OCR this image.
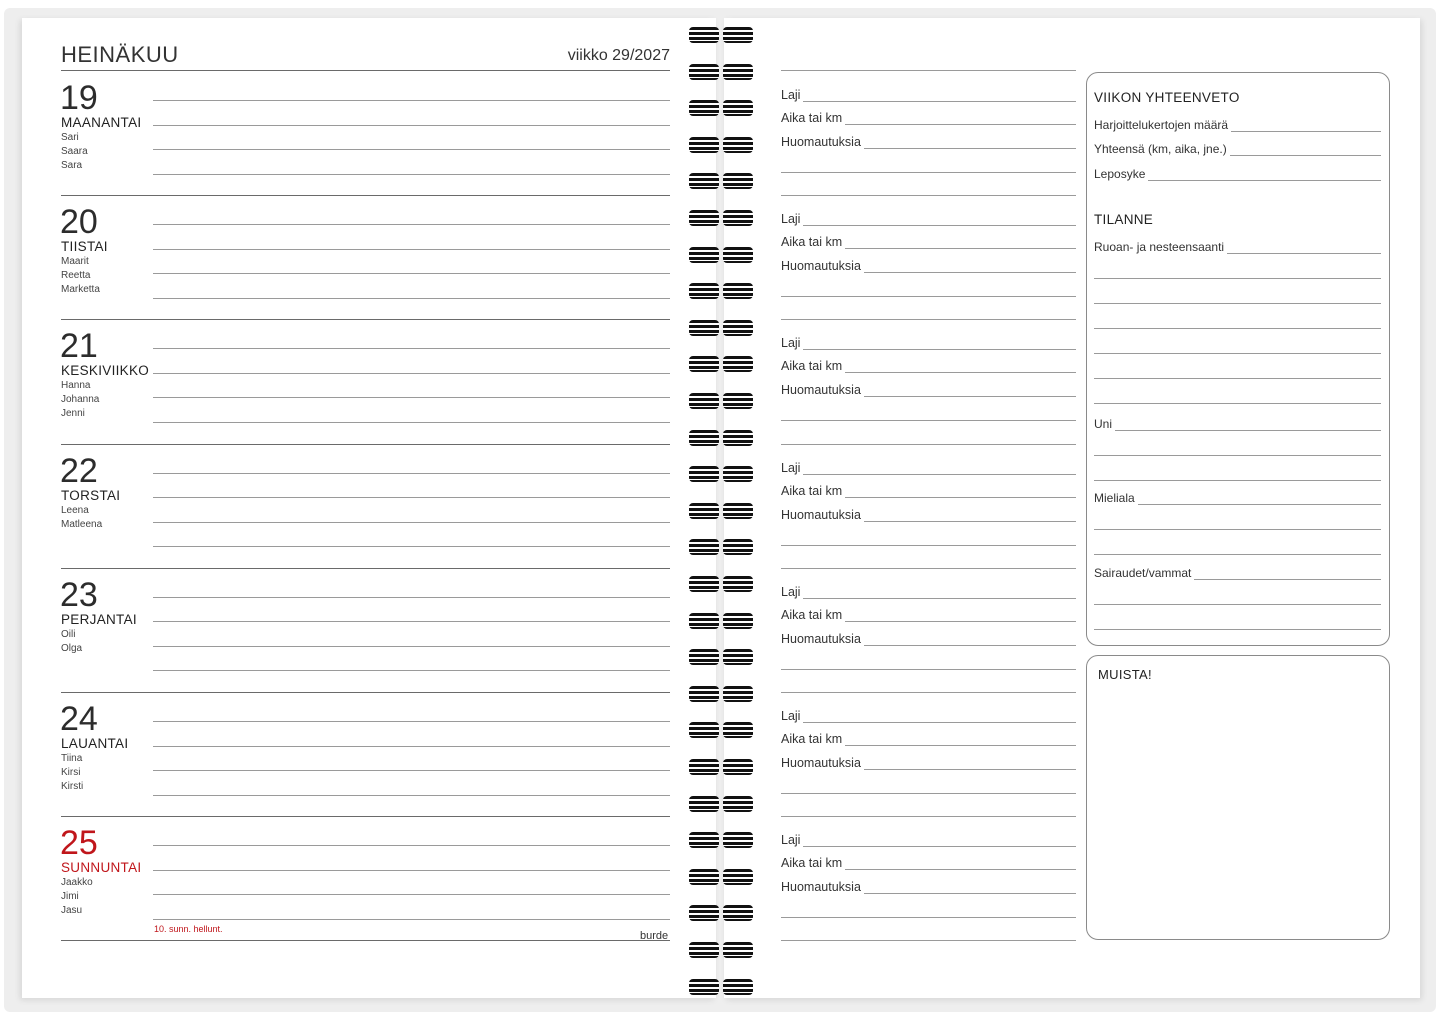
HEINÄKUU	viikko 29/2027
19
MAANANTAI
Sari
Saara
Sara
20
TIISTAI
Maarit
Reetta
Marketta
21
KESKIVIIKKO
Hanna
Johanna
Jenni
22
TORSTAI
Leena
Matleena
23
PERJANTAI
Oili
Olga
24
LAUANTAI
Tiina
Kirsi
Kirsti
25
SUNNUNTAI
Jaakko
Jimi
Jasu
10. sunn. hellunt.
burde
Laji
Aika tai km
Huomautuksia
Laji
Aika tai km
Huomautuksia
Laji
Aika tai km
Huomautuksia
Laji
Aika tai km
Huomautuksia
Laji
Aika tai km
Huomautuksia
Laji
Aika tai km
Huomautuksia
Laji
Aika tai km
Huomautuksia
VIIKON YHTEENVETO
Harjoittelukertojen määrä
Yhteensä (km, aika, jne.)
Leposyke
TILANNE
Ruoan- ja nesteensaanti
Uni
Mieliala
Sairaudet/vammat
MUISTA!
